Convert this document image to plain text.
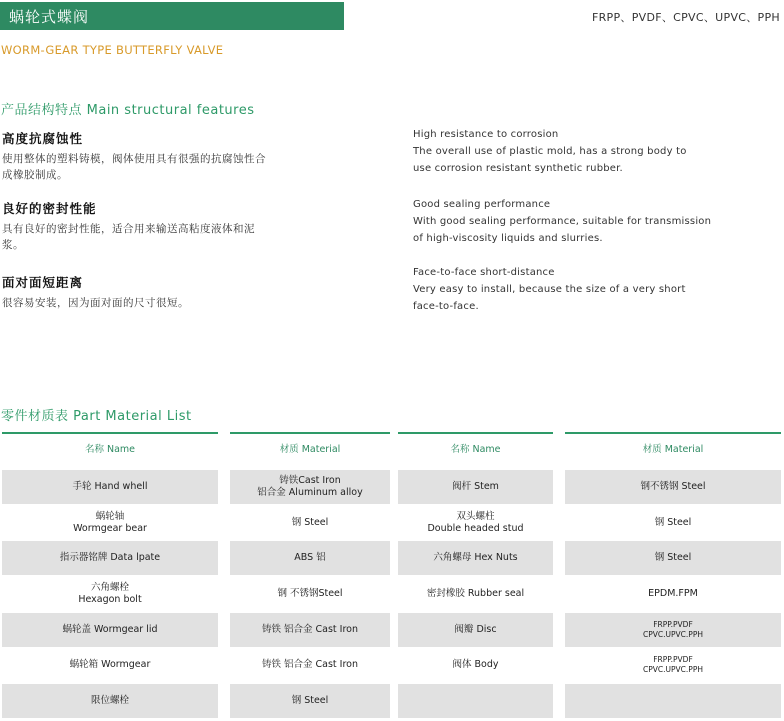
蜗轮式蝶阀	FRPP、PVDF、CPVC、UPVC、PPH
WORM-GEAR TYPE BUTTERFLY VALVE
产品结构特点 Main structural features
高度抗腐蚀性
使用整体的塑料铸模，阀体使用具有很强的抗腐蚀性合成橡胶制成。
High resistance to corrosion
The overall use of plastic mold, has a strong body to
use corrosion resistant synthetic rubber.
良好的密封性能
具有良好的密封性能，适合用来输送高粘度液体和泥浆。
Good sealing performance
With good sealing performance, suitable for transmission
of high-viscosity liquids and slurries.
面对面短距离
很容易安装，因为面对面的尺寸很短。
Face-to-face short-distance
Very easy to install, because the size of a very short
face-to-face.
零件材质表 Part Material List
名称 Name
手轮 Hand whell
蜗轮轴
Wormgear bear
指示器铭牌 Data lpate
六角螺栓
Hexagon bolt
蜗轮盖 Wormgear lid
蜗轮箱 Wormgear
限位螺栓
材质 Material
铸铁Cast Iron
铝合金 Aluminum alloy
钢 Steel
ABS 铝
钢 不锈钢Steel
铸铁 铝合金 Cast Iron
铸铁 铝合金 Cast Iron
钢 Steel
名称 Name
阀杆 Stem
双头螺柱
Double headed stud
六角螺母 Hex Nuts
密封橡胶 Rubber seal
阀瓣 Disc
阀体 Body
材质 Material
钢不锈钢 Steel
钢 Steel
钢 Steel
EPDM.FPM
FRPP.PVDF
CPVC.UPVC.PPH
FRPP.PVDF
CPVC.UPVC.PPH
